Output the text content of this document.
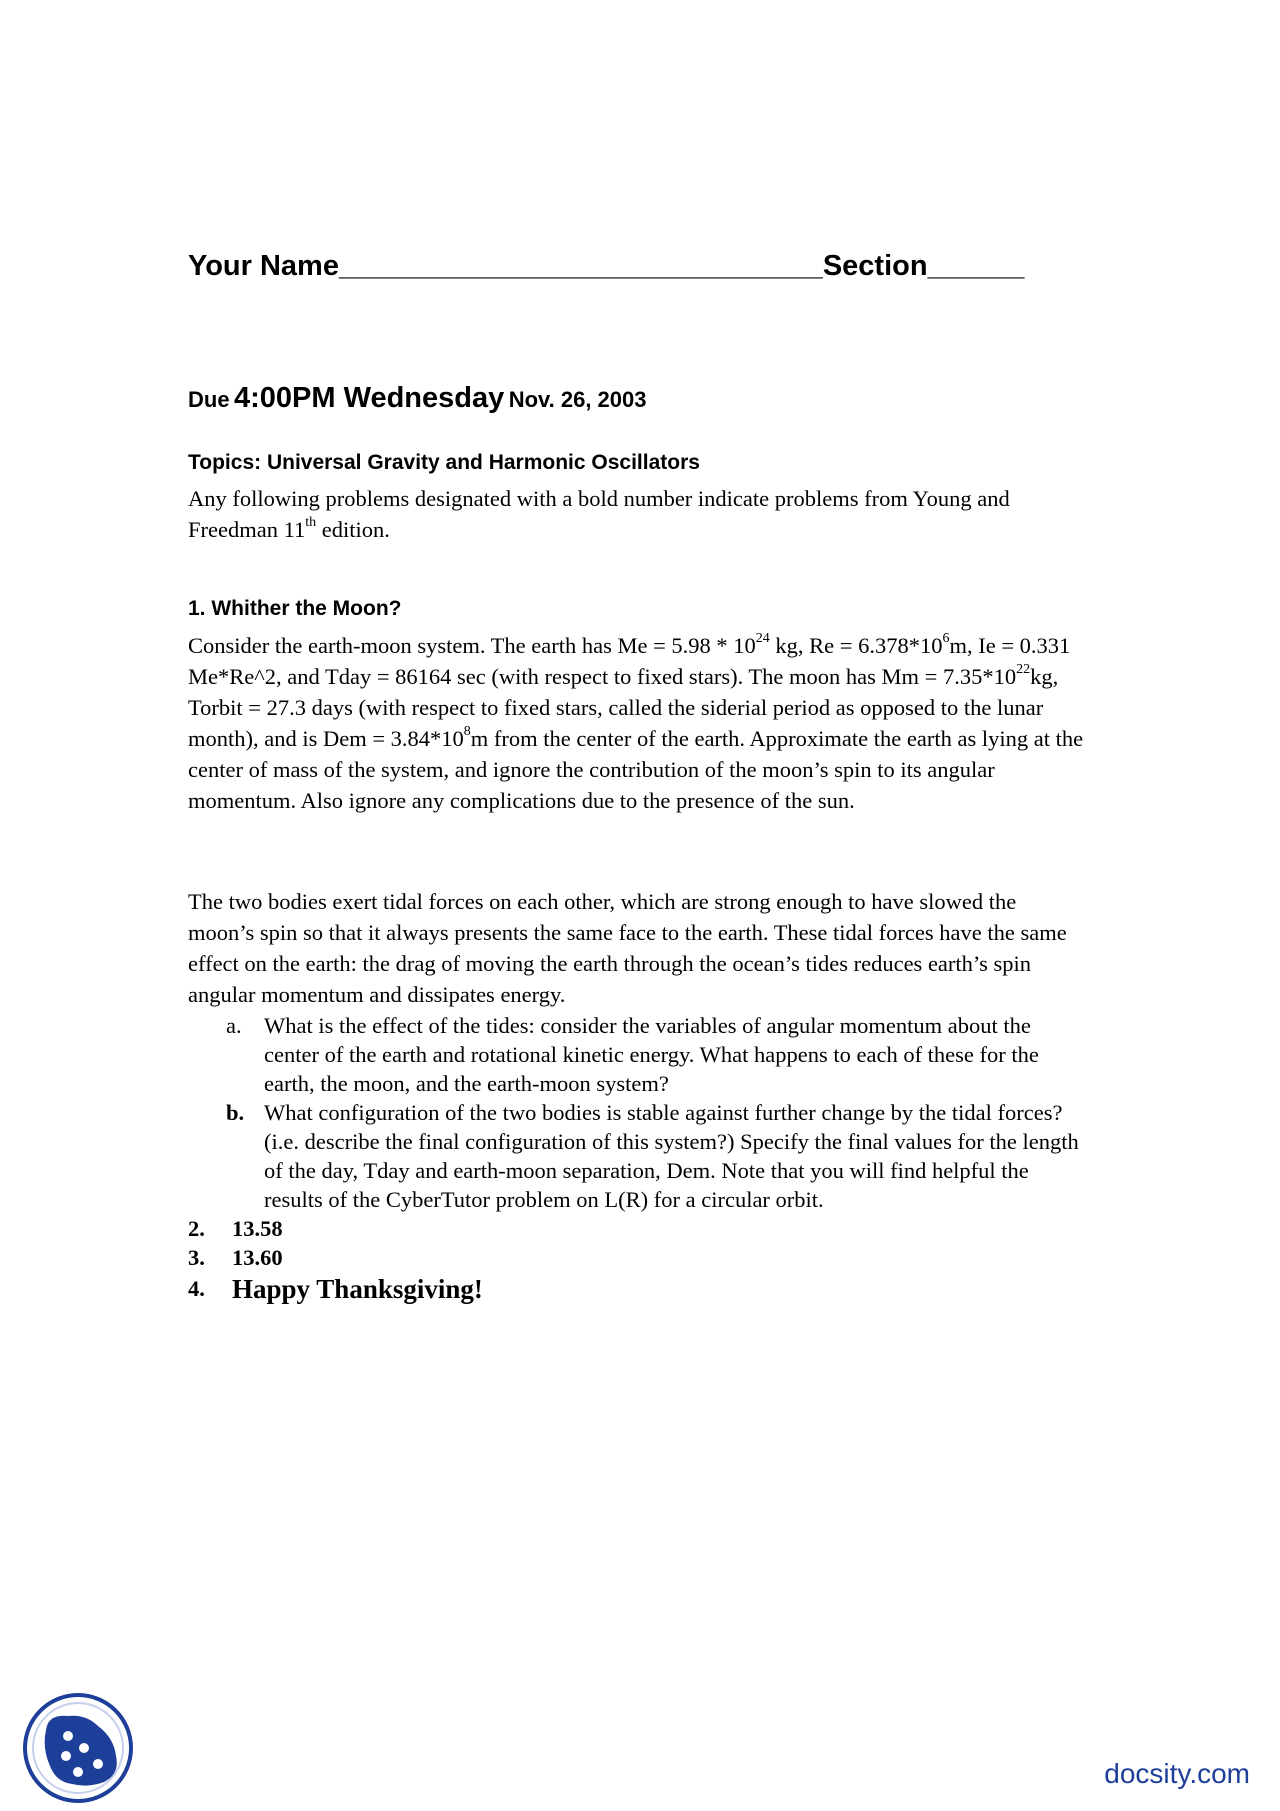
Your Name______________________________Section______
Due 4:00PM Wednesday Nov. 26, 2003
Topics: Universal Gravity and Harmonic Oscillators
Any following problems designated with a bold number indicate problems from Young and Freedman 11th edition.
1. Whither the Moon?
Consider the earth-moon system. The earth has $Me = 5.98 * 10^{24}$ kg, $Re = 6.378*10^6m$, Ie = 0.331 Me*Re^2, and Tday = 86164 sec (with respect to fixed stars). The moon has $Mm = 7.35*10^{22}kg$, Torbit = 27.3 days (with respect to fixed stars, called the siderial period as opposed to the lunar month), and is Dem = $3.84*10^8m$ from the center of the earth. Approximate the earth as lying at the center of mass of the system, and ignore the contribution of the moon’s spin to its angular momentum. Also ignore any complications due to the presence of the sun.
The two bodies exert tidal forces on each other, which are strong enough to have slowed the moon’s spin so that it always presents the same face to the earth. These tidal forces have the same effect on the earth: the drag of moving the earth through the ocean’s tides reduces earth’s spin angular momentum and dissipates energy.
a. What is the effect of the tides: consider the variables of angular momentum about the center of the earth and rotational kinetic energy. What happens to each of these for the earth, the moon, and the earth-moon system?
b. What configuration of the two bodies is stable against further change by the tidal forces? (i.e. describe the final configuration of this system?) Specify the final values for the length of the day, Tday and earth-moon separation, Dem. Note that you will find helpful the results of the CyberTutor problem on L(R) for a circular orbit.
2.	13.58
3.	13.60
4.	Happy Thanksgiving!
docsity.com
